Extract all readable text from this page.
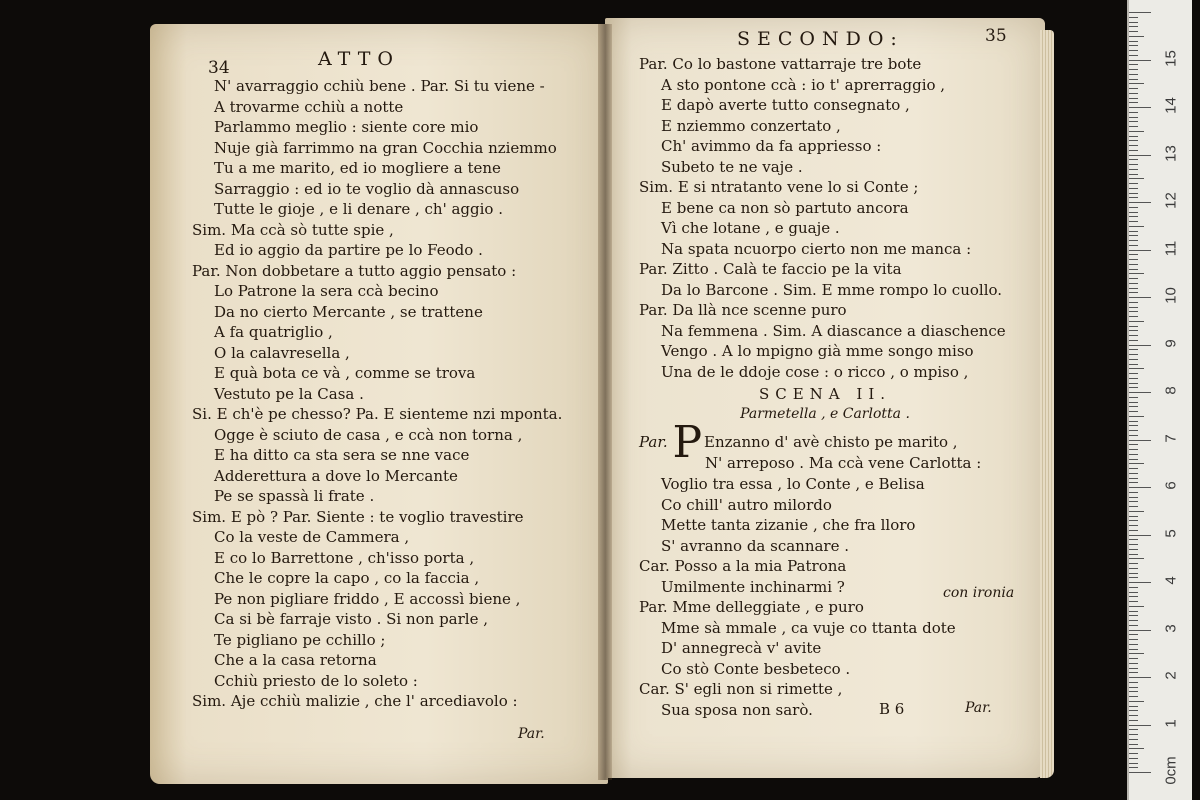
34	ATTO
N' avarraggio cchiù bene . Par. Si tu viene -
A trovarme cchiù a notte
Parlammo meglio : siente core mio
Nuje già farrimmo na gran Cocchia nziemmo
Tu a me marito, ed io mogliere a tene
Sarraggio : ed io te voglio dà annascuso
Tutte le gioje , e li denare , ch' aggio .
Sim. Ma ccà sò tutte spie ,
Ed io aggio da partire pe lo Feodo .
Par. Non dobbetare a tutto aggio pensato :
Lo Patrone la sera ccà becino
Da no cierto Mercante , se trattene
A fa quatriglio ,
O la calavresella ,
E quà bota ce và , comme se trova
Vestuto pe la Casa .
Si. E ch'è pe chesso? Pa. E sienteme nzi mponta.
Ogge è sciuto de casa , e ccà non torna ,
E ha ditto ca sta sera se nne vace
Adderettura a dove lo Mercante
Pe se spassà li frate .
Sim. E pò ? Par. Siente : te voglio travestire
Co la veste de Cammera ,
E co lo Barrettone , ch'isso porta ,
Che le copre la capo , co la faccia ,
Pe non pigliare friddo , E accossì biene ,
Ca si bè farraje visto . Si non parle ,
Te pigliano pe cchillo ;
Che a la casa retorna
Cchiù priesto de lo soleto :
Sim. Aje cchiù malizie , che l' arcediavolo :
Par.
SECONDO:	35
Par. Co lo bastone vattarraje tre bote
A sto pontone ccà : io t' aprerraggio ,
E dapò averte tutto consegnato ,
E nziemmo conzertato ,
Ch' avimmo da fa appriesso :
Subeto te ne vaje .
Sim. E si ntratanto vene lo si Conte ;
E bene ca non sò partuto ancora
Vì che lotane , e guaje .
Na spata ncuorpo cierto non me manca :
Par. Zitto . Calà te faccio pe la vita
Da lo Barcone . Sim. E mme rompo lo cuollo.
Par. Da llà nce scenne puro
Na femmena . Sim. A diascance a diaschence
Vengo . A lo mpigno già mme songo miso
Una de le ddoje cose : o ricco , o mpiso ,
SCENA II.
Parmetella , e Carlotta .
Par. P Enzanno d' avè chisto pe marito ,
N' arreposo . Ma ccà vene Carlotta :
Voglio tra essa , lo Conte , e Belisa
Co chill' autro milordo
Mette tanta zizanie , che fra lloro
S' avranno da scannare .
Car. Posso a la mia Patrona
Umilmente inchinarmi ?
Par. Mme delleggiate , e puro
Mme sà mmale , ca vuje co ttanta dote
D' annegrecà v' avite
Co stò Conte besbeteco .
Car. S' egli non si rimette ,
Sua sposa non sarò.
con ironia
B 6	Par.
15
14
13
12
11
10
9
8
7
6
5
4
3
2
1
0cm
